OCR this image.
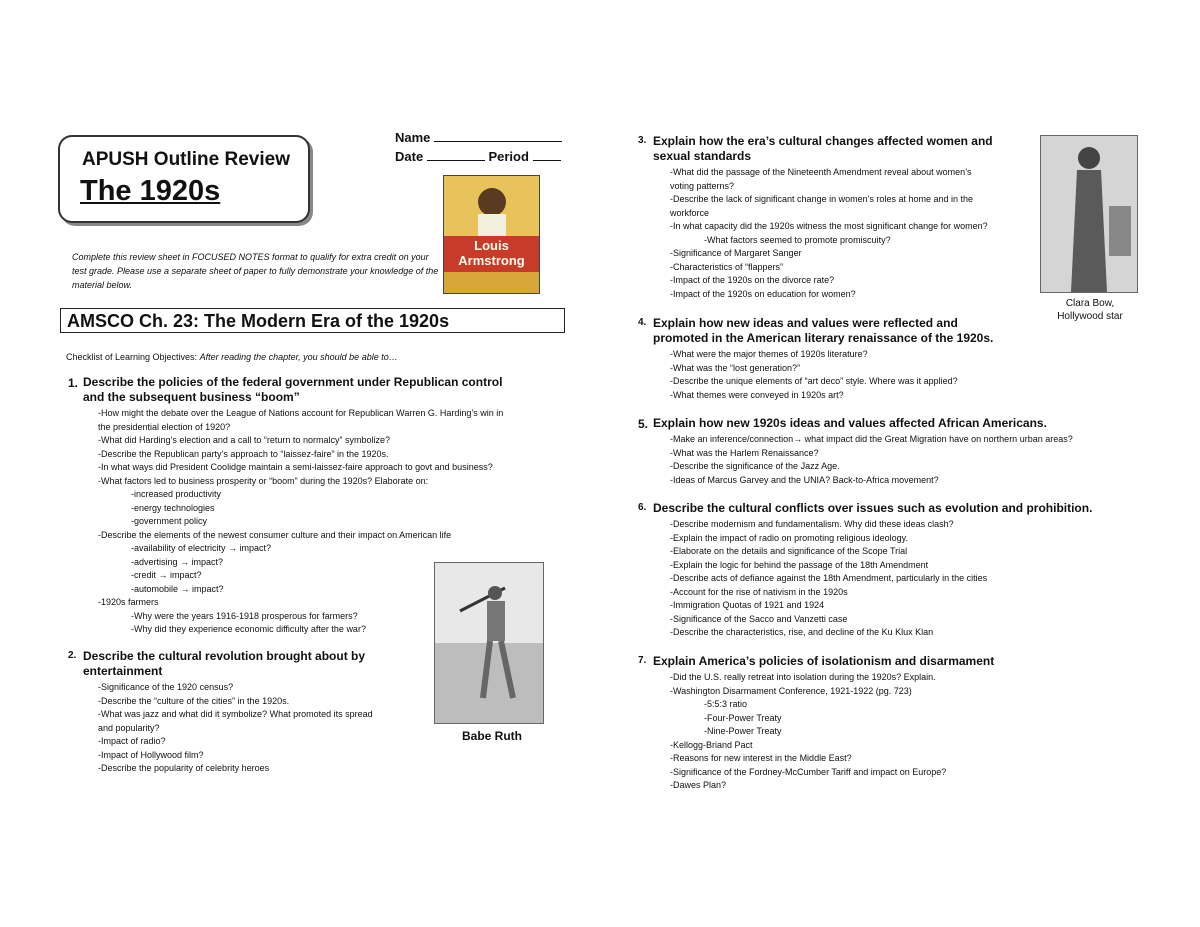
APUSH Outline Review
The 1920s
Name
Date	Period
Louis Armstrong
Complete this review sheet in FOCUSED NOTES format to qualify for extra credit on your test grade. Please use a separate sheet of paper to fully demonstrate your knowledge of the material below.
AMSCO Ch. 23: The Modern Era of the 1920s
Checklist of Learning Objectives: After reading the chapter, you should be able to…
1. Describe the policies of the federal government under Republican control
and the subsequent business “boom”
-How might the debate over the League of Nations account for Republican Warren G. Harding’s win in
the presidential election of 1920?
-What did Harding’s election and a call to “return to normalcy” symbolize?
-Describe the Republican party’s approach to “laissez-faire” in the 1920s.
-In what ways did President Coolidge maintain a semi-laissez-faire approach to govt and business?
-What factors led to business prosperity or “boom” during the 1920s? Elaborate on:
-increased productivity
-energy technologies
-government policy
-Describe the elements of the newest consumer culture and their impact on American life
-availability of electricity → impact?
-advertising → impact?
-credit → impact?
-automobile → impact?
-1920s farmers
-Why were the years 1916-1918 prosperous for farmers?
-Why did they experience economic difficulty after the war?
2. Describe the cultural revolution brought about by
entertainment
-Significance of the 1920 census?
-Describe the “culture of the cities” in the 1920s.
-What was jazz and what did it symbolize? What promoted its spread
and popularity?
-Impact of radio?
-Impact of Hollywood film?
-Describe the popularity of celebrity heroes
3. Explain how the era’s cultural changes affected women and
sexual standards
-What did the passage of the Nineteenth Amendment reveal about women’s
voting patterns?
-Describe the lack of significant change in women’s roles at home and in the
workforce
-In what capacity did the 1920s witness the most significant change for women?
-What factors seemed to promote promiscuity?
-Significance of Margaret Sanger
-Characteristics of “flappers”
-Impact of the 1920s on the divorce rate?
-Impact of the 1920s on education for women?
4. Explain how new ideas and values were reflected and
promoted in the American literary renaissance of the 1920s.
-What were the major themes of 1920s literature?
-What was the “lost generation?”
-Describe the unique elements of “art deco” style. Where was it applied?
-What themes were conveyed in 1920s art?
5. Explain how new 1920s ideas and values affected African Americans.
-Make an inference/connection→ what impact did the Great Migration have on northern urban areas?
-What was the Harlem Renaissance?
-Describe the significance of the Jazz Age.
-Ideas of Marcus Garvey and the UNIA? Back-to-Africa movement?
6. Describe the cultural conflicts over issues such as evolution and prohibition.
-Describe modernism and fundamentalism. Why did these ideas clash?
-Explain the impact of radio on promoting religious ideology.
-Elaborate on the details and significance of the Scope Trial
-Explain the logic for behind the passage of the 18th Amendment
-Describe acts of defiance against the 18th Amendment, particularly in the cities
-Account for the rise of nativism in the 1920s
-Immigration Quotas of 1921 and 1924
-Significance of the Sacco and Vanzetti case
-Describe the characteristics, rise, and decline of the Ku Klux Klan
7. Explain America’s policies of isolationism and disarmament
-Did the U.S. really retreat into isolation during the 1920s? Explain.
-Washington Disarmament Conference, 1921-1922 (pg. 723)
-5:5:3 ratio
-Four-Power Treaty
-Nine-Power Treaty
-Kellogg-Briand Pact
-Reasons for new interest in the Middle East?
-Significance of the Fordney-McCumber Tariff and impact on Europe?
-Dawes Plan?
Babe Ruth
Clara Bow,
Hollywood star
